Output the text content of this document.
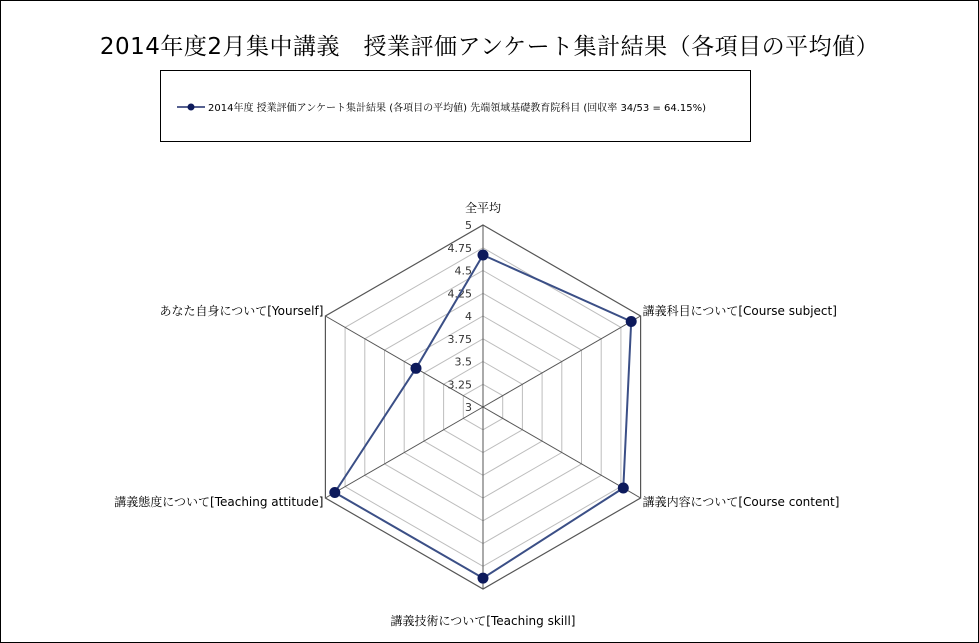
2014年度2月集中講義　授業評価アンケート集計結果（各項目の平均値）
2014年度 授業評価アンケート集計結果 (各項目の平均値) 先端領域基礎教育院科目 (回収率 34/53 = 64.15%)
3
3.25
3.5
3.75
4
4.25
4.5
4.75
5
全平均
講義科目について[Course subject]
講義内容について[Course content]
講義技術について[Teaching skill]
講義態度について[Teaching attitude]
あなた自身について[Yourself]
